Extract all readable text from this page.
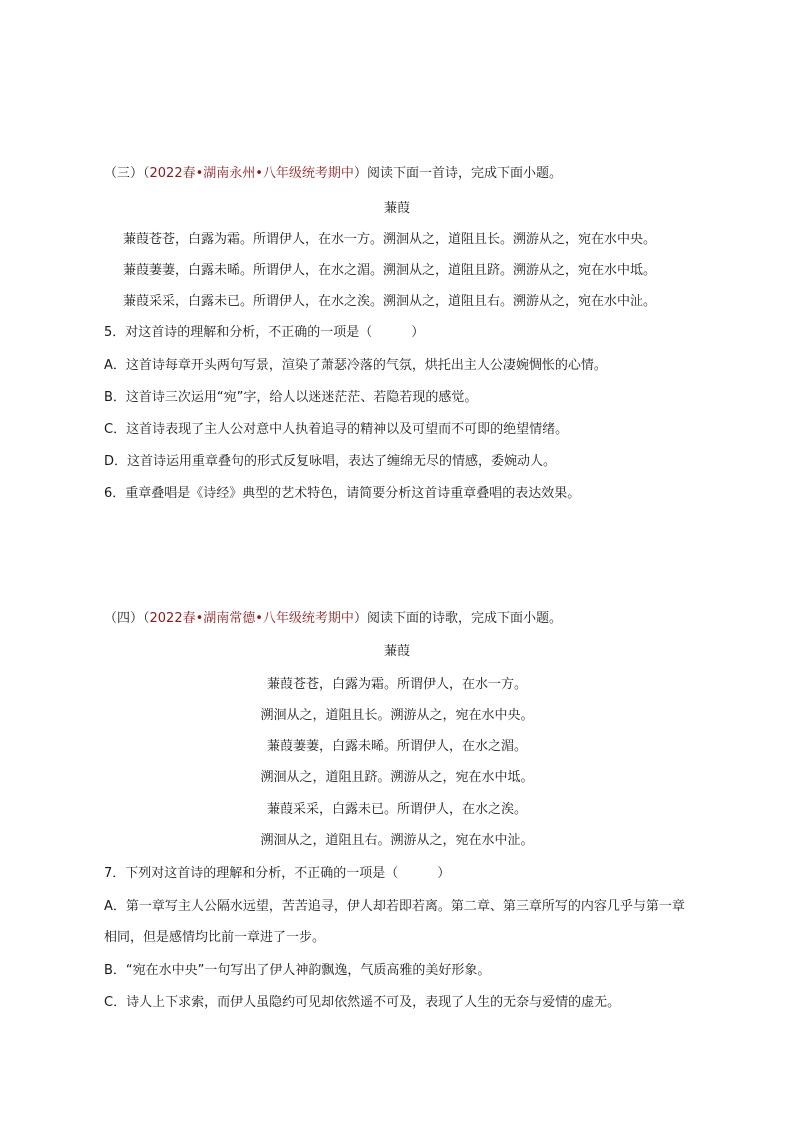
（三）（2022春•湖南永州•八年级统考期中）阅读下面一首诗，完成下面小题。
蒹葭
蒹葭苍苍，白露为霜。所谓伊人，在水一方。溯洄从之，道阻且长。溯游从之，宛在水中央。
蒹葭萋萋，白露未晞。所谓伊人，在水之湄。溯洄从之，道阻且跻。溯游从之，宛在水中坻。
蒹葭采采，白露未已。所谓伊人，在水之涘。溯洄从之，道阻且右。溯游从之，宛在水中沚。
5．对这首诗的理解和分析，不正确的一项是（　　　）
A．这首诗每章开头两句写景，渲染了萧瑟冷落的气氛，烘托出主人公凄婉惆怅的心情。
B．这首诗三次运用“宛”字，给人以迷迷茫茫、若隐若现的感觉。
C．这首诗表现了主人公对意中人执着追寻的精神以及可望而不可即的绝望情绪。
D．这首诗运用重章叠句的形式反复咏唱，表达了缠绵无尽的情感，委婉动人。
6．重章叠唱是《诗经》典型的艺术特色，请简要分析这首诗重章叠唱的表达效果。
（四）（2022春•湖南常德•八年级统考期中）阅读下面的诗歌，完成下面小题。
蒹葭
蒹葭苍苍，白露为霜。所谓伊人，在水一方。
溯洄从之，道阻且长。溯游从之，宛在水中央。
蒹葭萋萋，白露未晞。所谓伊人，在水之湄。
溯洄从之，道阻且跻。溯游从之，宛在水中坻。
蒹葭采采，白露未已。所谓伊人，在水之涘。
溯洄从之，道阻且右。溯游从之，宛在水中沚。
7．下列对这首诗的理解和分析，不正确的一项是（　　　）
A．第一章写主人公隔水远望，苦苦追寻，伊人却若即若离。第二章、第三章所写的内容几乎与第一章
相同，但是感情均比前一章进了一步。
B．“宛在水中央”一句写出了伊人神韵飘逸，气质高雅的美好形象。
C．诗人上下求索，而伊人虽隐约可见却依然遥不可及，表现了人生的无奈与爱情的虚无。
